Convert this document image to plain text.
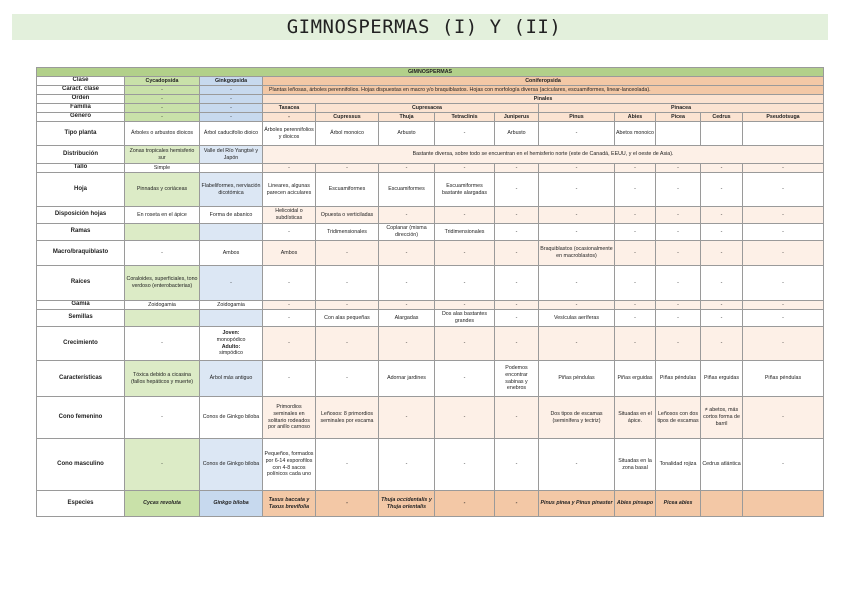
GIMNOSPERMAS (I) Y (II)
GIMNOSPERMAS												
Clase	Cycadopsida	Ginkgopsida	Coniferopsida									
Caract. clase	-	-	Plantas leñosas, árboles perennifolios. Hojas dispuestas en macro y/o braquiblastos. Hojas con morfología diversa (aciculares, escuamiformes, linear-lanceolada).									
Orden	-	-	Pinales									
Familia	-	-	Taxacea	Cupresacea				Pinacea				
Género	-	-	-	Cupressus	Thuja	Tetraclinis	Juniperus	Pinus	Abies	Picea	Cedrus	Pseudotsuga
Tipo planta	Árboles o arbustos dioicos	Árbol caducifolio dioico	Árboles perennifolios y dioicos	Árbol monoico	Arbusto	-	Arbusto	-	Abetos monoico			
Distribución	Zonas tropicales hemisferio sur	Valle del Río Yangtsé y Japón	Bastante diversa, sobre todo se encuentran en el hemisferio norte (este de Canadá, EEUU, y el oeste de Asia).									
Tallo	Simple		-	-	-	-	-	-	-	-	-	-
Hoja	Pinnadas y coriáceas	Flabeliformes, nerviación dicotómica	Lineares, algunas parecen aciculares	Escuamiformes	Escuamiformes	Escuamiformes bastante alargadas	-	-	-	-	-	-
Disposición hojas	En roseta en el ápice	Forma de abanico	Helicoidal o subdísticas	Opuesta o verticiladas	-	-	-	-	-	-	-	-
Ramas			-	Tridimensionales	Coplanar (misma dirección)	Tridimensionales	-	-	-	-	-	-
Macro/braquiblasto	-	Ambos	Ambos	-	-	-	-	Braquiblastos (ocasionalmente en macroblastos)	-	-	-	-
Raíces	Coraloides, superficiales, tono verdoso (enterobacterias)	-	-	-	-	-	-	-	-	-	-	-
Gamia	Zoidogamia	Zoidogamia	-	-	-	-	-	-	-	-	-	-
Semillas			-	Con alas pequeñas	Alargadas	Dos alas bastantes grandes	-	Vesículas aeríferas	-	-	-	-
Crecimiento	-	Joven:
monopódico
Adulto:
simpódico	-	-	-	-	-	-	-	-	-	-
Características	Tóxica debido a cicasina (fallos hepáticos y muerte)	Árbol más antiguo	-	-	Adornar jardines	-	Podemos encontrar sabinas y enebros	Piñas péndulas	Piñas erguidas	Piñas péndulas	Piñas erguidas	Piñas péndulas
Cono femenino	-	Conos de Ginkgo biloba	Primordios seminales en solitario rodeados por anillo carnoso	Leñosos: 8 primordios seminales por escama	-	-	-	Dos tipos de escamas (seminífera y tectriz)	Situadas en el ápice.	Leñosos con dos tipos de escamas	≠ abetos, más cortos forma de barril	-
Cono masculino	-	Conos de Ginkgo biloba	Pequeños, formados por 6-14 esporofilos con 4-8 sacos polínicos cada uno	-	-	-	-	-	Situadas en la zona basal	Tonalidad rojiza	Cedrus atlántica	-
Especies	Cycas revoluta	Ginkgo biloba	Taxus baccata y Taxus brevifolia	-	Thuja occidentalis y Thuja orientalis	-	-	Pinus pinea y Pinus pinaster	Abies pinsapo	Picea abies		
